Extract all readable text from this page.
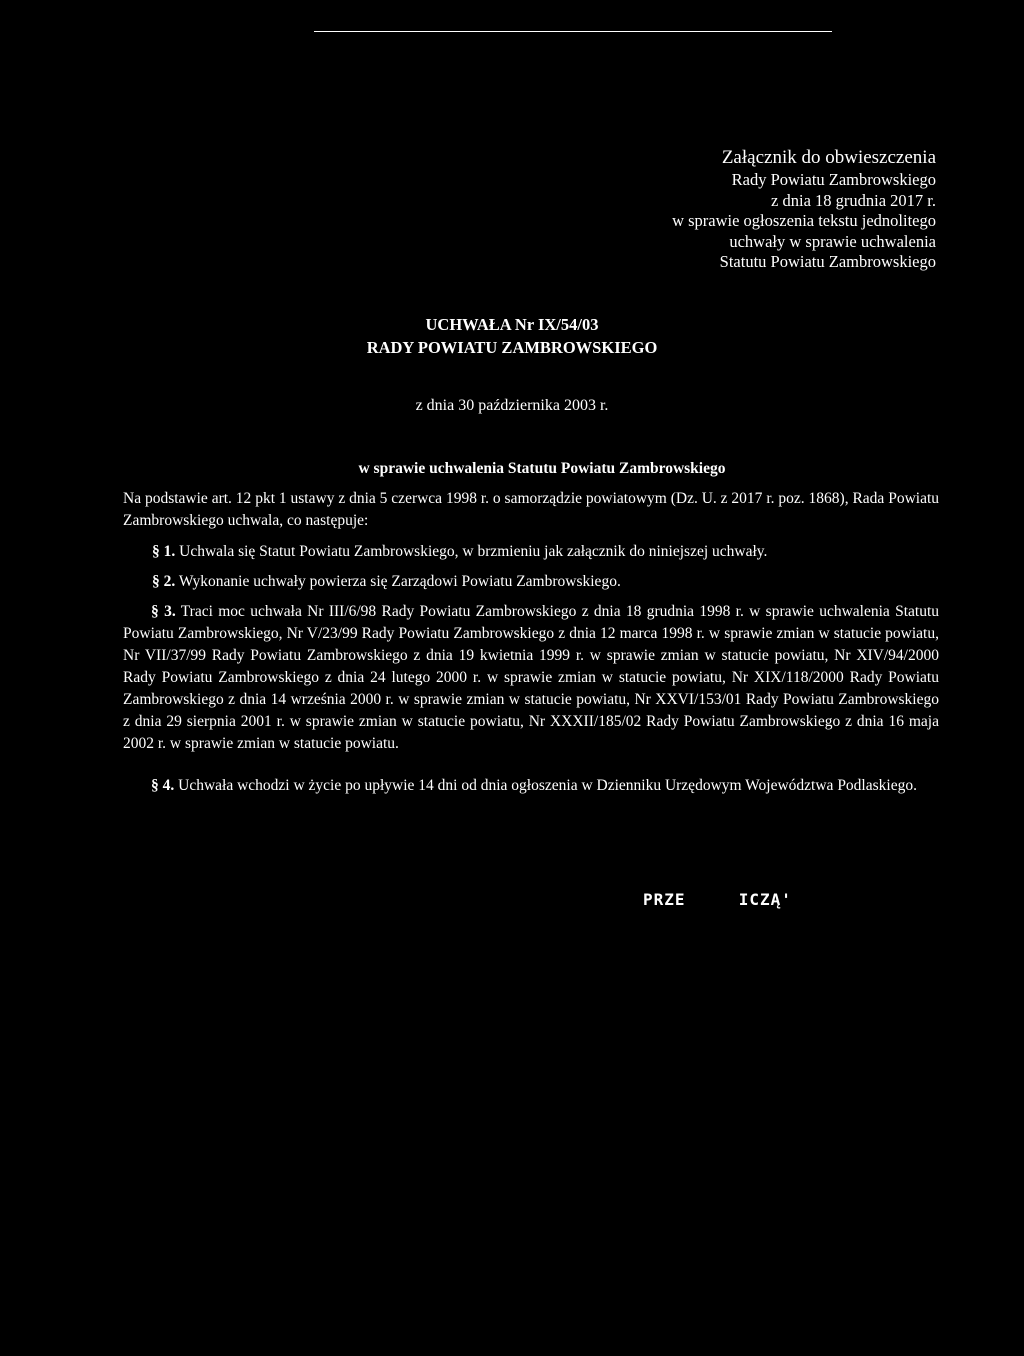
Załącznik do obwieszczenia
Rady Powiatu Zambrowskiego
z dnia 18 grudnia 2017 r.
w sprawie ogłoszenia tekstu jednolitego
uchwały w sprawie uchwalenia
Statutu Powiatu Zambrowskiego
UCHWAŁA Nr IX/54/03
RADY POWIATU ZAMBROWSKIEGO
z dnia 30 października 2003 r.
w sprawie uchwalenia Statutu Powiatu Zambrowskiego
Na podstawie art. 12 pkt 1 ustawy z dnia 5 czerwca 1998 r. o samorządzie powiatowym (Dz. U. z 2017 r. poz. 1868), Rada Powiatu Zambrowskiego uchwala, co następuje:
§ 1. Uchwala się Statut Powiatu Zambrowskiego, w brzmieniu jak załącznik do niniejszej uchwały.
§ 2. Wykonanie uchwały powierza się Zarządowi Powiatu Zambrowskiego.
§ 3. Traci moc uchwała Nr III/6/98 Rady Powiatu Zambrowskiego z dnia 18 grudnia 1998 r. w sprawie uchwalenia Statutu Powiatu Zambrowskiego, Nr V/23/99 Rady Powiatu Zambrowskiego z dnia 12 marca 1998 r. w sprawie zmian w statucie powiatu, Nr VII/37/99 Rady Powiatu Zambrowskiego z dnia 19 kwietnia 1999 r. w sprawie zmian w statucie powiatu, Nr XIV/94/2000 Rady Powiatu Zambrowskiego z dnia 24 lutego 2000 r. w sprawie zmian w statucie powiatu, Nr XIX/118/2000 Rady Powiatu Zambrowskiego z dnia 14 września 2000 r. w sprawie zmian w statucie powiatu, Nr XXVI/153/01 Rady Powiatu Zambrowskiego z dnia 29 sierpnia 2001 r. w sprawie zmian w statucie powiatu, Nr XXXII/185/02 Rady Powiatu Zambrowskiego z dnia 16 maja 2002 r. w sprawie zmian w statucie powiatu.
§ 4. Uchwała wchodzi w życie po upływie 14 dni od dnia ogłoszenia w Dzienniku Urzędowym Województwa Podlaskiego.
PRZE     ICZĄ'
